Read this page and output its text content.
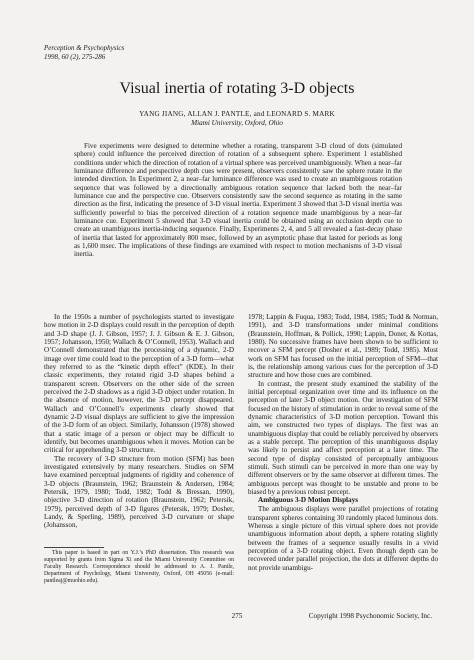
Perception & Psychophysics
1998, 60 (2), 275-286
Visual inertia of rotating 3-D objects
YANG JIANG, ALLAN J. PANTLE, and LEONARD S. MARK
Miami University, Oxford, Ohio

Five experiments were designed to determine whether a rotating, transparent 3-D cloud of dots (simulated sphere) could influence the perceived direction of rotation of a subsequent sphere. Experiment 1 established conditions under which the direction of rotation of a virtual sphere was perceived unambiguously. When a near–far luminance difference and perspective depth cues were present, observers consistently saw the sphere rotate in the intended direction. In Experiment 2, a near–far luminance difference was used to create an unambiguous rotation sequence that was followed by a directionally ambiguous rotation sequence that lacked both the near–far luminance cue and the perspective cue. Observers consistently saw the second sequence as rotating in the same direction as the first, indicating the presence of 3-D visual inertia. Experiment 3 showed that 3-D visual inertia was sufficiently powerful to bias the perceived direction of a rotation sequence made unambiguous by a near–far luminance cue. Experiment 5 showed that 3-D visual inertia could be obtained using an occlusion depth cue to create an unambiguous inertia-inducing sequence. Finally, Experiments 2, 4, and 5 all revealed a fast-decay phase of inertia that lasted for approximately 800 msec, followed by an asymptotic phase that lasted for periods as long as 1,600 msec. The implications of these findings are examined with respect to motion mechanisms of 3-D visual inertia.

In the 1950s a number of psychologists started to investigate how motion in 2-D displays could result in the perception of depth and 3-D shape (J. J. Gibson, 1957; J. J. Gibson & E. J. Gibson, 1957; Johansson, 1950; Wallach & O’Connell, 1953). Wallach and O’Connell demonstrated that the processing of a dynamic, 2-D image over time could lead to the perception of a 3-D form—what they referred to as the “kinetic depth effect” (KDE). In their classic experiments, they rotated rigid 3-D shapes behind a transparent screen. Observers on the other side of the screen perceived the 2-D shadows as a rigid 3-D object under rotation. In the absence of motion, however, the 3-D percept disappeared. Wallach and O’Connell’s experiments clearly showed that dynamic 2-D visual displays are sufficient to give the impression of the 3-D form of an object. Similarly, Johansson (1978) showed that a static image of a person or object may be difficult to identify, but becomes unambiguous when it moves. Motion can be critical for apprehending 3-D structure.

The recovery of 3-D structure from motion (SFM) has been investigated extensively by many researchers. Studies on SFM have examined perceptual judgments of rigidity and coherence of 3-D objects (Braunstein, 1962; Braunstein & Andersen, 1984; Petersik, 1979, 1980; Todd, 1982; Todd & Bressan, 1990), objective 3-D direction of rotation (Braunstein, 1962; Petersik, 1979), perceived depth of 3-D figures (Petersik, 1979; Dosher, Landy, & Sperling, 1989), perceived 3-D curvature or shape (Johansson,

This paper is based in part on Y.J.’s PhD dissertation. This research was supported by grants from Sigma Xi and the Miami University Committee on Faculty Research. Correspondence should be addressed to A. J. Pantle, Department of Psychology, Miami University, Oxford, OH 45056 (e-mail: pantleaj@muohio.edu).

1978; Lappin & Fuqua, 1983; Todd, 1984, 1985; Todd & Norman, 1991), and 3-D transformations under minimal conditions (Braunstein, Hoffman, & Pollick, 1990; Lappin, Doner, & Kottas, 1980). No successive frames have been shown to be sufficient to recover a SFM percept (Dosher et al., 1989; Todd, 1985). Most work on SFM has focused on the initial perception of SFM—that is, the relationship among various cues for the perception of 3-D structure and how those cues are combined.

In contrast, the present study examined the stability of the initial perceptual organization over time and its influence on the perception of later 3-D object motion. Our investigation of SFM focused on the history of stimulation in order to reveal some of the dynamic characteristics of 3-D motion perception. Toward this aim, we constructed two types of displays. The first was an unambiguous display that could be reliably perceived by observers as a stable percept. The perception of this unambiguous display was likely to persist and affect perception at a later time. The second type of display consisted of perceptually ambiguous stimuli. Such stimuli can be perceived in more than one way by different observers or by the same observer at different times. The ambiguous percept was thought to be unstable and prone to be biased by a previous robust percept.

Ambiguous 3-D Motion Displays

The ambiguous displays were parallel projections of rotating transparent spheres containing 30 randomly placed luminous dots. Whereas a single picture of this virtual sphere does not provide unambiguous information about depth, a sphere rotating slightly between the frames of a sequence usually results in a vivid perception of a 3-D rotating object. Even though depth can be recovered under parallel projection, the dots at different depths do not provide unambigu-

275	Copyright 1998 Psychonomic Society, Inc.
